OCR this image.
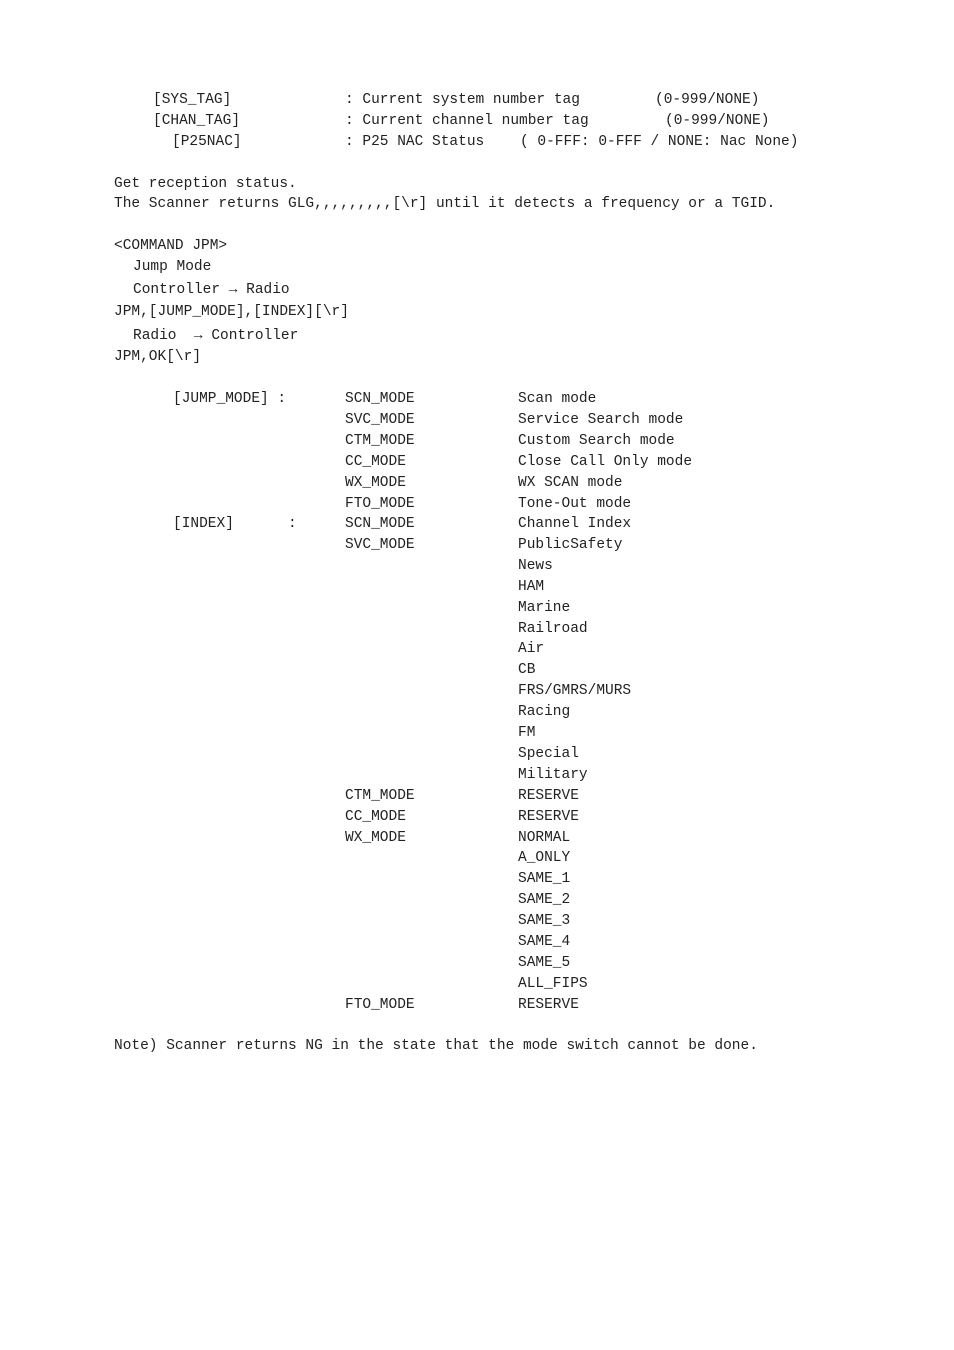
[SYS_TAG]	: Current system number tag	(0-999/NONE)
[CHAN_TAG]	: Current channel number tag	(0-999/NONE)
[P25NAC]	: P25 NAC Status ( 0-FFF: 0-FFF / NONE: Nac None)
Get reception status.
The Scanner returns GLG,,,,,,,,,[\r] until it detects a frequency or a TGID.
<COMMAND JPM>
Jump Mode
Controller → Radio
JPM,[JUMP_MODE],[INDEX][\r]
Radio  → Controller
JPM,OK[\r]
[JUMP_MODE] :	SCN_MODE	Scan mode
SVC_MODE	Service Search mode
CTM_MODE	Custom Search mode
CC_MODE	Close Call Only mode
WX_MODE	WX SCAN mode
FTO_MODE	Tone-Out mode
[INDEX]	:	SCN_MODE	Channel Index
SVC_MODE	PublicSafety
News
HAM
Marine
Railroad
Air
CB
FRS/GMRS/MURS
Racing
FM
Special
Military
CTM_MODE	RESERVE
CC_MODE	RESERVE
WX_MODE	NORMAL
A_ONLY
SAME_1
SAME_2
SAME_3
SAME_4
SAME_5
ALL_FIPS
FTO_MODE	RESERVE
Note) Scanner returns NG in the state that the mode switch cannot be done.
